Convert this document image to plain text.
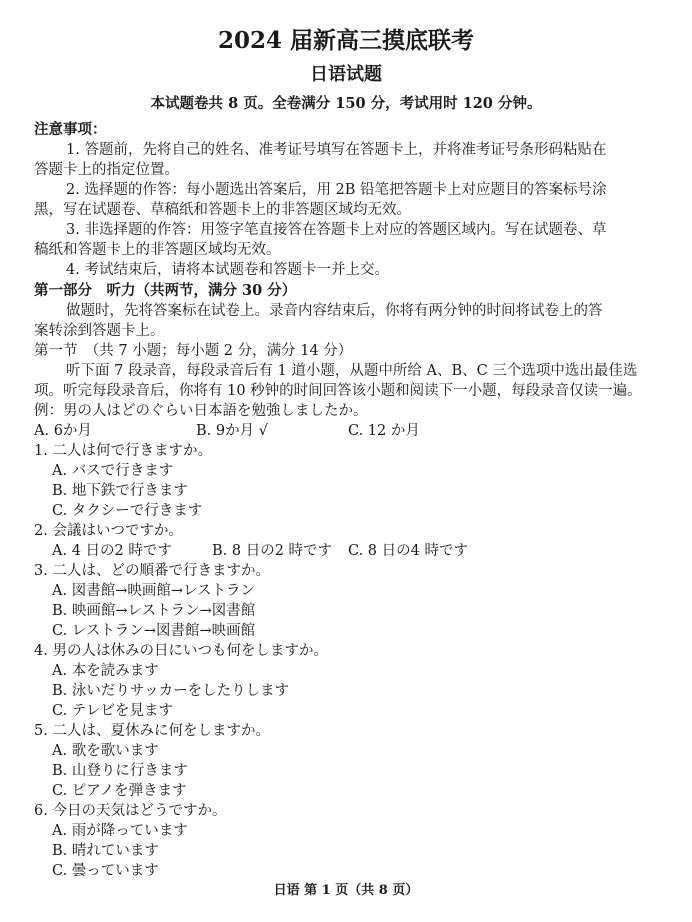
2024 届新高三摸底联考
日语试题
本试题卷共 8 页。全卷满分 150 分，考试用时 120 分钟。
注意事项：
1. 答题前，先将自己的姓名、准考证号填写在答题卡上，并将准考证号条形码粘贴在
答题卡上的指定位置。
2. 选择题的作答：每小题选出答案后，用 2B 铅笔把答题卡上对应题目的答案标号涂
黑，写在试题卷、草稿纸和答题卡上的非答题区域均无效。
3. 非选择题的作答：用签字笔直接答在答题卡上对应的答题区域内。写在试题卷、草
稿纸和答题卡上的非答题区域均无效。
4. 考试结束后，请将本试题卷和答题卡一并上交。
第一部分　听力（共两节，满分 30 分）
做题时，先将答案标在试卷上。录音内容结束后，你将有两分钟的时间将试卷上的答
案转涂到答题卡上。
第一节　（共 7 小题；每小题 2 分，满分 14 分）
听下面 7 段录音，每段录音后有 1 道小题，从题中所给 A、B、C 三个选项中选出最佳选
项。听完每段录音后，你将有 10 秒钟的时间回答该小题和阅读下一小题，每段录音仅读一遍。
例：男の人はどのぐらい日本語を勉強しましたか。
A. 6か月	B. 9か月 √	C. 12 か月
1. 二人は何で行きますか。
A. バスで行きます
B. 地下鉄で行きます
C. タクシーで行きます
2. 会議はいつですか。
A. 4 日の2 時です	B. 8 日の2 時です C. 8 日の4 時です
3. 二人は、どの順番で行きますか。
A. 図書館→映画館→レストラン
B. 映画館→レストラン→図書館
C. レストラン→図書館→映画館
4. 男の人は休みの日にいつも何をしますか。
A. 本を読みます
B. 泳いだりサッカーをしたりします
C. テレビを見ます
5. 二人は、夏休みに何をしますか。
A. 歌を歌います
B. 山登りに行きます
C. ピアノを弾きます
6. 今日の天気はどうですか。
A. 雨が降っています
B. 晴れています
C. 曇っています
日语 第 1 页（共 8 页）
